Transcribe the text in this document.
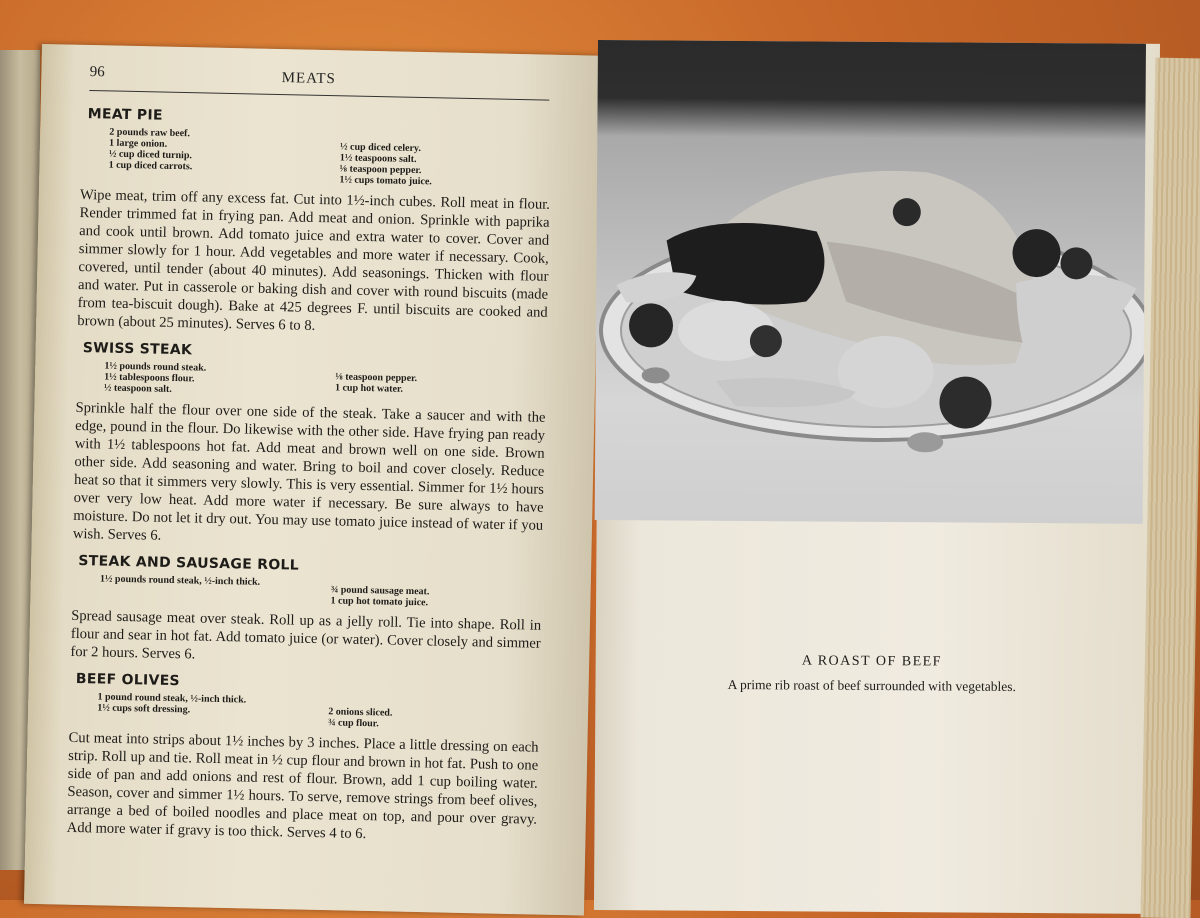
96	MEATS
MEAT PIE
2 pounds raw beef.
1 large onion.
½ cup diced turnip.
1 cup diced carrots.
½ cup diced celery.
1½ teaspoons salt.
⅛ teaspoon pepper.
1½ cups tomato juice.

Wipe meat, trim off any excess fat. Cut into 1½-inch cubes. Roll meat in flour. Render trimmed fat in frying pan. Add meat and onion. Sprinkle with paprika and cook until brown. Add tomato juice and extra water to cover. Cover and simmer slowly for 1 hour. Add vegetables and more water if necessary. Cook, covered, until tender (about 40 minutes). Add seasonings. Thicken with flour and water. Put in casserole or baking dish and cover with round biscuits (made from tea-biscuit dough). Bake at 425 degrees F. until biscuits are cooked and brown (about 25 minutes). Serves 6 to 8.

SWISS STEAK
1½ pounds round steak.
1½ tablespoons flour.
½ teaspoon salt.
⅛ teaspoon pepper.
1 cup hot water.

Sprinkle half the flour over one side of the steak. Take a saucer and with the edge, pound in the flour. Do likewise with the other side. Have frying pan ready with 1½ tablespoons hot fat. Add meat and brown well on one side. Brown other side. Add seasoning and water. Bring to boil and cover closely. Reduce heat so that it simmers very slowly. This is very essential. Simmer for 1½ hours over very low heat. Add more water if necessary. Be sure always to have moisture. Do not let it dry out. You may use tomato juice instead of water if you wish. Serves 6.

STEAK AND SAUSAGE ROLL
1½ pounds round steak, ½-inch thick.
¾ pound sausage meat.
1 cup hot tomato juice.

Spread sausage meat over steak. Roll up as a jelly roll. Tie into shape. Roll in flour and sear in hot fat. Add tomato juice (or water). Cover closely and simmer for 2 hours. Serves 6.

BEEF OLIVES
1 pound round steak, ½-inch thick.
1½ cups soft dressing.	2 onions sliced.
¾ cup flour.

Cut meat into strips about 1½ inches by 3 inches. Place a little dressing on each strip. Roll up and tie. Roll meat in ½ cup flour and brown in hot fat. Push to one side of pan and add onions and rest of flour. Brown, add 1 cup boiling water. Season, cover and simmer 1½ hours. To serve, remove strings from beef olives, arrange a bed of boiled noodles and place meat on top, and pour over gravy. Add more water if gravy is too thick. Serves 4 to 6.

A ROAST OF BEEF
A prime rib roast of beef surrounded with vegetables.
